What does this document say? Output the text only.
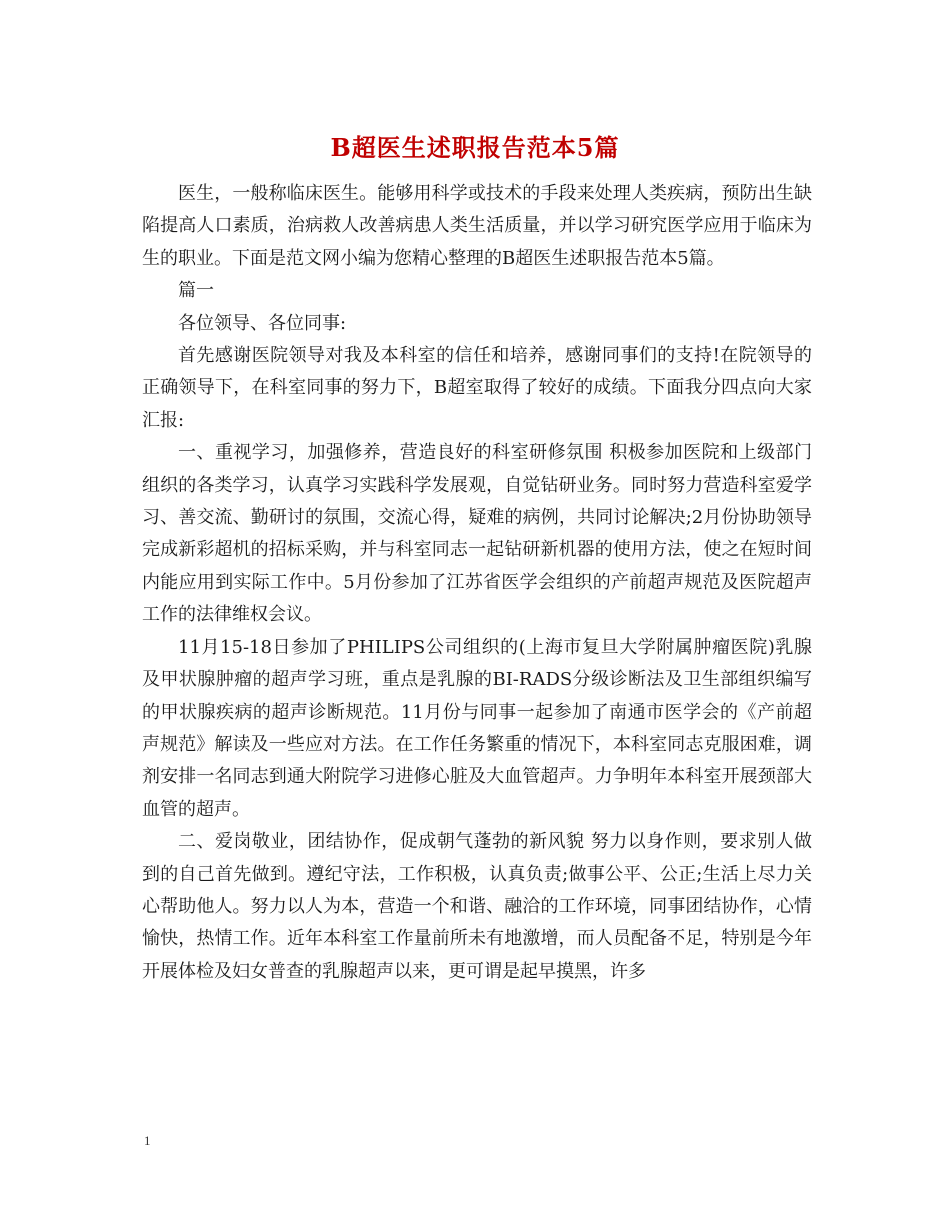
B超医生述职报告范本5篇

医生，一般称临床医生。能够用科学或技术的手段来处理人类疾病，预防出生缺陷提高人口素质，治病救人改善病患人类生活质量，并以学习研究医学应用于临床为生的职业。下面是范文网小编为您精心整理的B超医生述职报告范本5篇。

篇一

各位领导、各位同事:

首先感谢医院领导对我及本科室的信任和培养，感谢同事们的支持!在院领导的正确领导下，在科室同事的努力下，B超室取得了较好的成绩。下面我分四点向大家汇报:

一、重视学习，加强修养，营造良好的科室研修氛围 积极参加医院和上级部门组织的各类学习，认真学习实践科学发展观，自觉钻研业务。同时努力营造科室爱学习、善交流、勤研讨的氛围，交流心得，疑难的病例，共同讨论解决;2月份协助领导完成新彩超机的招标采购，并与科室同志一起钻研新机器的使用方法，使之在短时间内能应用到实际工作中。5月份参加了江苏省医学会组织的产前超声规范及医院超声工作的法律维权会议。

11月15-18日参加了PHILIPS公司组织的(上海市复旦大学附属肿瘤医院)乳腺及甲状腺肿瘤的超声学习班，重点是乳腺的BI-RADS分级诊断法及卫生部组织编写的甲状腺疾病的超声诊断规范。11月份与同事一起参加了南通市医学会的《产前超声规范》解读及一些应对方法。在工作任务繁重的情况下，本科室同志克服困难，调剂安排一名同志到通大附院学习进修心脏及大血管超声。力争明年本科室开展颈部大血管的超声。

二、爱岗敬业，团结协作，促成朝气蓬勃的新风貌 努力以身作则，要求别人做到的自己首先做到。遵纪守法，工作积极，认真负责;做事公平、公正;生活上尽力关心帮助他人。努力以人为本，营造一个和谐、融洽的工作环境，同事团结协作，心情愉快，热情工作。近年本科室工作量前所未有地激增，而人员配备不足，特别是今年开展体检及妇女普查的乳腺超声以来，更可谓是起早摸黑，许多

1
